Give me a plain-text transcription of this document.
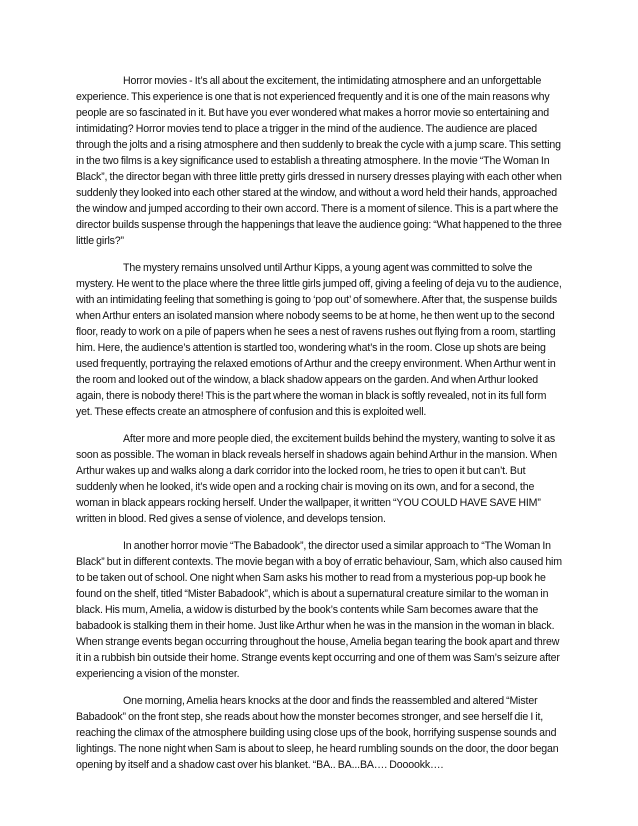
Horror movies - It’s all about the excitement, the intimidating atmosphere and an unforgettable experience. This experience is one that is not experienced frequently and it is one of the main reasons why people are so fascinated in it. But have you ever wondered what makes a horror movie so entertaining and intimidating? Horror movies tend to place a trigger in the mind of the audience. The audience are placed through the jolts and a rising atmosphere and then suddenly to break the cycle with a jump scare. This setting in the two films is a key significance used to establish a threating atmosphere. In the movie “The Woman In Black”, the director began with three little pretty girls dressed in nursery dresses playing with each other when suddenly they looked into each other stared at the window, and without a word held their hands, approached the window and jumped according to their own accord. There is a moment of silence. This is a part where the director builds suspense through the happenings that leave the audience going: “What happened to the three little girls?”

The mystery remains unsolved until Arthur Kipps, a young agent was committed to solve the mystery. He went to the place where the three little girls jumped off, giving a feeling of deja vu to the audience, with an intimidating feeling that something is going to ‘pop out’ of somewhere. After that, the suspense builds when Arthur enters an isolated mansion where nobody seems to be at home, he then went up to the second floor, ready to work on a pile of papers when he sees a nest of ravens rushes out flying from a room, startling him. Here, the audience’s attention is startled too, wondering what’s in the room. Close up shots are being used frequently, portraying the relaxed emotions of Arthur and the creepy environment. When Arthur went in the room and looked out of the window, a black shadow appears on the garden. And when Arthur looked again, there is nobody there! This is the part where the woman in black is softly revealed, not in its full form yet. These effects create an atmosphere of confusion and this is exploited well.

After more and more people died, the excitement builds behind the mystery, wanting to solve it as soon as possible. The woman in black reveals herself in shadows again behind Arthur in the mansion. When Arthur wakes up and walks along a dark corridor into the locked room, he tries to open it but can’t. But suddenly when he looked, it’s wide open and a rocking chair is moving on its own, and for a second, the woman in black appears rocking herself. Under the wallpaper, it written “YOU COULD HAVE SAVE HIM” written in blood. Red gives a sense of violence, and develops tension.

In another horror movie “The Babadook”, the director used a similar approach to “The Woman In Black” but in different contexts. The movie began with a boy of erratic behaviour, Sam, which also caused him to be taken out of school. One night when Sam asks his mother to read from a mysterious pop-up book he found on the shelf, titled “Mister Babadook”, which is about a supernatural creature similar to the woman in black. His mum, Amelia, a widow is disturbed by the book’s contents while Sam becomes aware that the babadook is stalking them in their home. Just like Arthur when he was in the mansion in the woman in black. When strange events began occurring throughout the house, Amelia began tearing the book apart and threw it in a rubbish bin outside their home. Strange events kept occurring and one of them was Sam’s seizure after experiencing a vision of the monster.

One morning, Amelia hears knocks at the door and finds the reassembled and altered “Mister Babadook” on the front step, she reads about how the monster becomes stronger, and see herself die I it, reaching the climax of the atmosphere building using close ups of the book, horrifying suspense sounds and lightings. The none night when Sam is about to sleep, he heard rumbling sounds on the door, the door began opening by itself and a shadow cast over his blanket. “BA.. BA...BA…. Dooookk….
